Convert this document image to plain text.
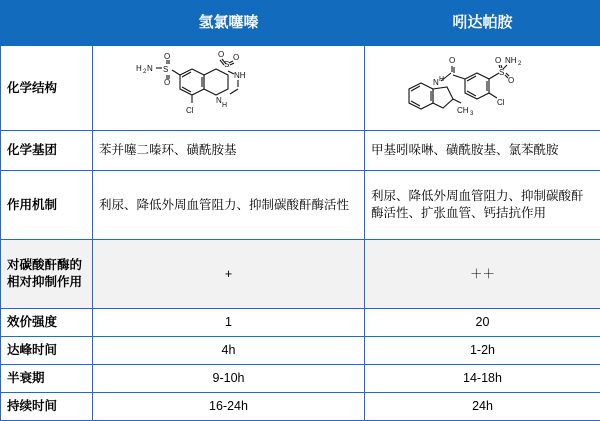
	氢氯噻嗪	吲达帕胺
化学结构	
H 2 N
O
O
S
Cl
S
O O
NH
N
H

N H
CH 3
O
S
O
O
NH 2
Cl

化学基团	苯并噻二嗪环、磺酰胺基	甲基吲哚啉、磺酰胺基、氯苯酰胺
作用机制	利尿、降低外周血管阻力、抑制碳酸酐酶活性	利尿、降低外周血管阻力、抑制碳酸酐酶活性、扩张血管、钙拮抗作用
对碳酸酐酶的相对抑制作用	+	＋＋
效价强度	1	20
达峰时间	4h	1-2h
半衰期	9-10h	14-18h
持续时间	16-24h	24h
